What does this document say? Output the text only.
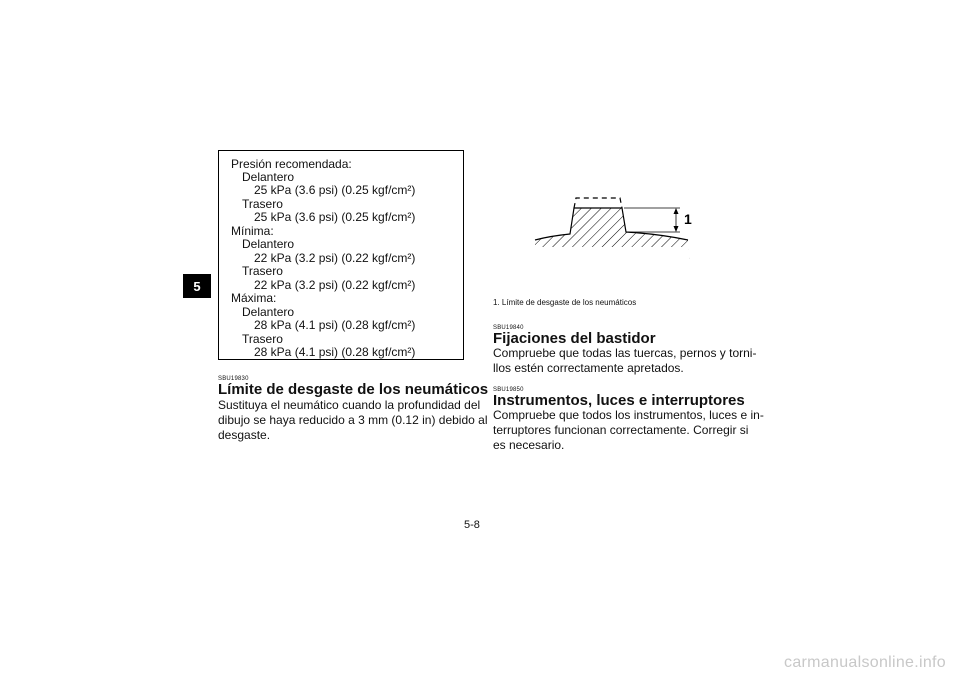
5
Presión recomendada:
Delantero
25 kPa (3.6 psi) (0.25 kgf/cm²)
Trasero
25 kPa (3.6 psi) (0.25 kgf/cm²)
Mínima:
Delantero
22 kPa (3.2 psi) (0.22 kgf/cm²)
Trasero
22 kPa (3.2 psi) (0.22 kgf/cm²)
Máxima:
Delantero
28 kPa (4.1 psi) (0.28 kgf/cm²)
Trasero
28 kPa (4.1 psi) (0.28 kgf/cm²)
SBU19830
Límite de desgaste de los neumáticos
Sustituya el neumático cuando la profundidad del
dibujo se haya reducido a 3 mm (0.12 in) debido al
desgaste.
1
1. Límite de desgaste de los neumáticos
SBU19840
Fijaciones del bastidor
Compruebe que todas las tuercas, pernos y torni-
llos estén correctamente apretados.
SBU19850
Instrumentos, luces e interruptores
Compruebe que todos los instrumentos, luces e in-
terruptores funcionan correctamente. Corregir si
es necesario.
5-8
carmanualsonline.info
